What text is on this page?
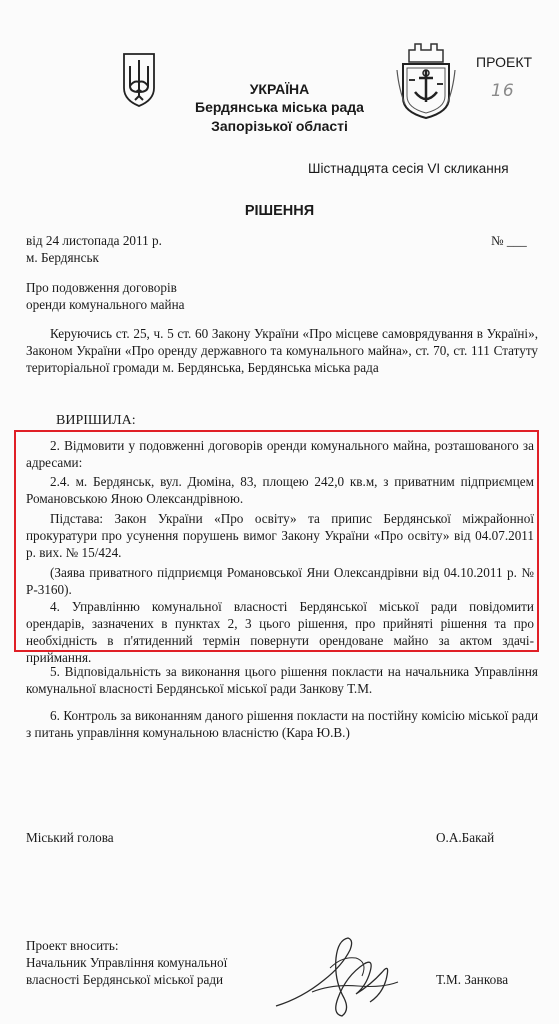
УКРАЇНА
Бердянська міська рада
Запорізької області
ПРОЕКТ
16
Шістнадцята сесія VІ скликання
РІШЕННЯ
від 24 листопада 2011 р.
м. Бердянськ
№ ___
Про подовження договорів
оренди комунального майна

Керуючись ст. 25, ч. 5 ст. 60 Закону України «Про місцеве самоврядування в Україні», Законом України «Про оренду державного та комунального майна», ст. 70, ст. 111 Статуту територіальної громади м. Бердянська, Бердянська міська рада

ВИРІШИЛА:

2. Відмовити у подовженні договорів оренди комунального майна, розташованого за адресами:

2.4. м. Бердянськ, вул. Дюміна, 83, площею 242,0 кв.м, з приватним підприємцем Романовською Яною Олександрівною.

Підстава: Закон України «Про освіту» та припис Бердянської міжрайонної прокуратури про усунення порушень вимог Закону України «Про освіту» від 04.07.2011 р. вих. № 15/424.

(Заява приватного підприємця Романовської Яни Олександрівни від 04.10.2011 р. № Р-3160).

4. Управлінню комунальної власності Бердянської міської ради повідомити орендарів, зазначених в пунктах 2, 3 цього рішення, про прийняті рішення та про необхідність в п'ятиденний термін повернути орендоване майно за актом здачі-приймання.

5. Відповідальність за виконання цього рішення покласти на начальника Управління комунальної власності Бердянської міської ради Занкову Т.М.

6. Контроль за виконанням даного рішення покласти на постійну комісію міської ради з питань управління комунальною власністю (Кара Ю.В.)

Міський голова	О.А.Бакай
Проект вносить:
Начальник Управління комунальної
власності Бердянської міської ради	Т.М. Занкова
